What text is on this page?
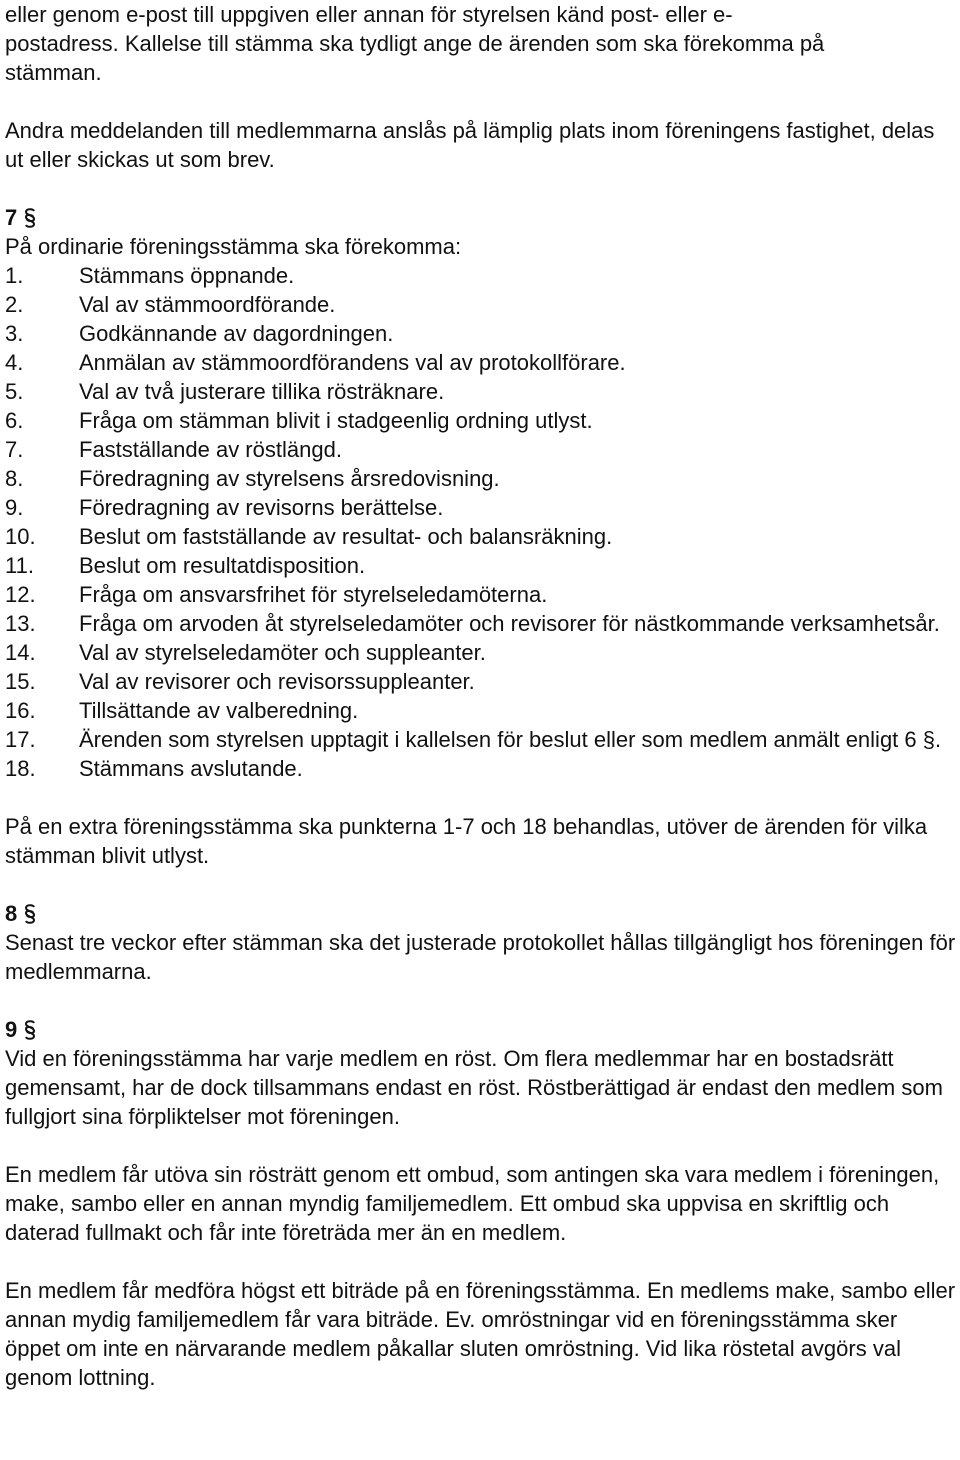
eller genom e-post till uppgiven eller annan för styrelsen känd post- eller e-

postadress. Kallelse till stämma ska tydligt ange de ärenden som ska förekomma på

stämman.

Andra meddelanden till medlemmarna anslås på lämplig plats inom föreningens fastighet, delas ut eller skickas ut som brev.

7

På ordinarie föreningsstämma ska förekomma:

1.	Stämmans öppnande.
2.	Val av stämmoordförande.
3.	Godkännande av dagordningen.
4.	Anmälan av stämmoordförandens val av protokollförare.
5.	Val av två justerare tillika rösträknare.
6.	Fråga om stämman blivit i stadgeenlig ordning utlyst.
7.	Fastställande av röstlängd.
8.	Föredragning av styrelsens årsredovisning.
9.	Föredragning av revisorns berättelse.
10.	Beslut om fastställande av resultat- och balansräkning.
11.	Beslut om resultatdisposition.
12.	Fråga om ansvarsfrihet för styrelseledamöterna.
13.	Fråga om arvoden åt styrelseledamöter och revisorer för nästkommande verksamhetsår.
14.	Val av styrelseledamöter och suppleanter.
15.	Val av revisorer och revisorssuppleanter.
16.	Tillsättande av valberedning.
17.	Ärenden som styrelsen upptagit i kallelsen för beslut eller som medlem anmält enligt 6 §.
18.	Stämmans avslutande.

På en extra föreningsstämma ska punkterna 1-7 och 18 behandlas, utöver de ärenden för vilka stämman blivit utlyst.

8

Senast tre veckor efter stämman ska det justerade protokollet hållas tillgängligt hos föreningen för medlemmarna.

9

Vid en föreningsstämma har varje medlem en röst. Om flera medlemmar har en bostadsrätt gemensamt, har de dock tillsammans endast en röst. Röstberättigad är endast den medlem som fullgjort sina förpliktelser mot föreningen.

En medlem får utöva sin rösträtt genom ett ombud, som antingen ska vara medlem i föreningen, make, sambo eller en annan myndig familjemedlem. Ett ombud ska uppvisa en skriftlig och daterad fullmakt och får inte företräda mer än en medlem.

En medlem får medföra högst ett biträde på en föreningsstämma. En medlems make, sambo eller annan mydig familjemedlem får vara biträde. Ev. omröstningar vid en föreningsstämma sker öppet om inte en närvarande medlem påkallar sluten omröstning. Vid lika röstetal avgörs val genom lottning.
